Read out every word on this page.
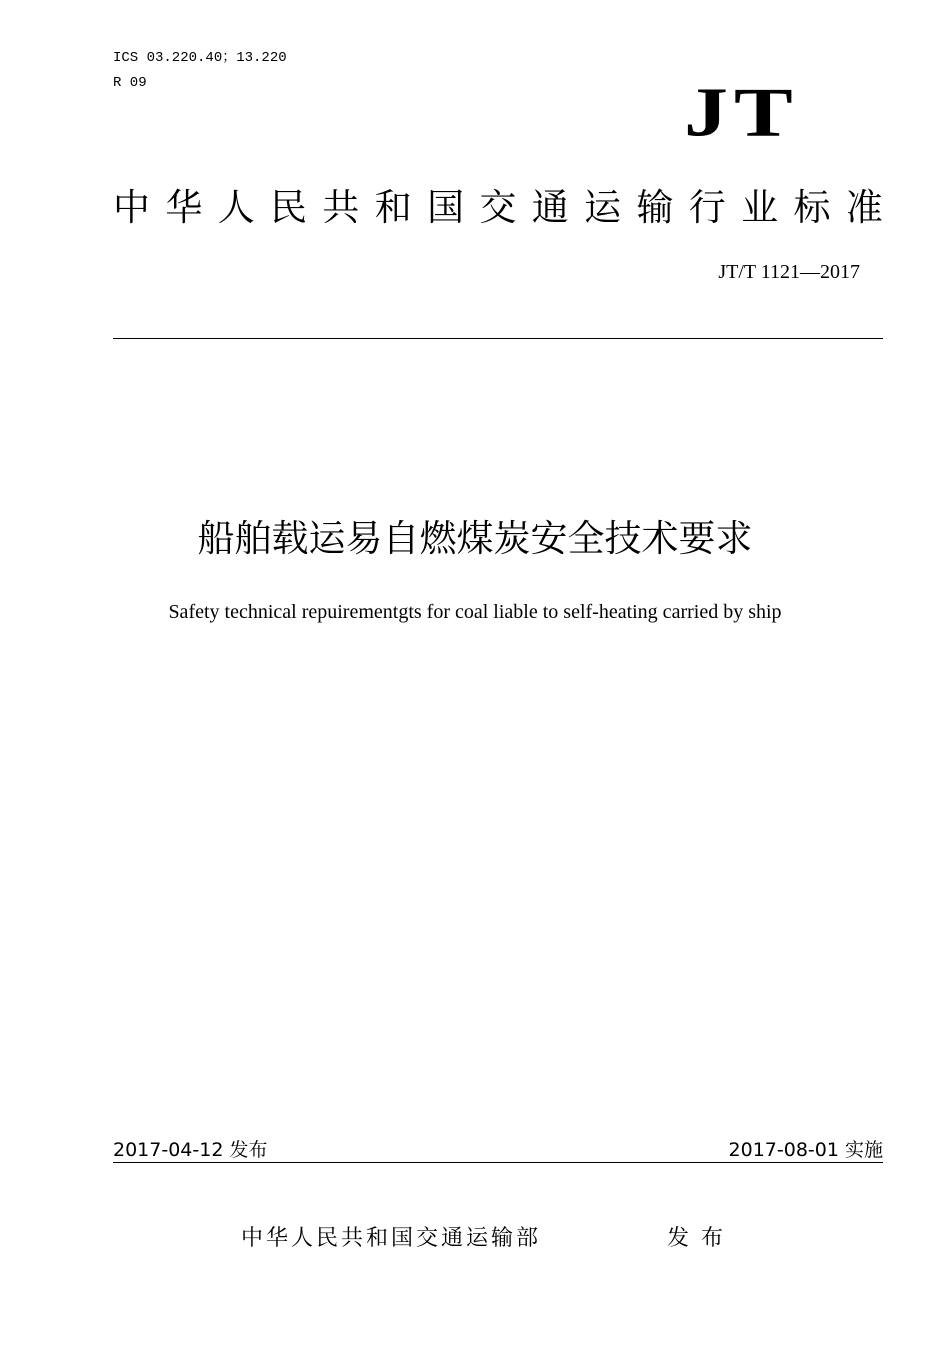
ICS 03.220.40；13.220
R 09	JT
中 华 人 民 共 和 国 交 通 运 输 行 业 标 准
JT/T 1121—2017
船舶载运易自燃煤炭安全技术要求
Safety technical repuirementgts for coal liable to self-heating carried by ship
2017-04-12 发布	2017-08-01 实施
中华人民共和国交通运输部	发布
